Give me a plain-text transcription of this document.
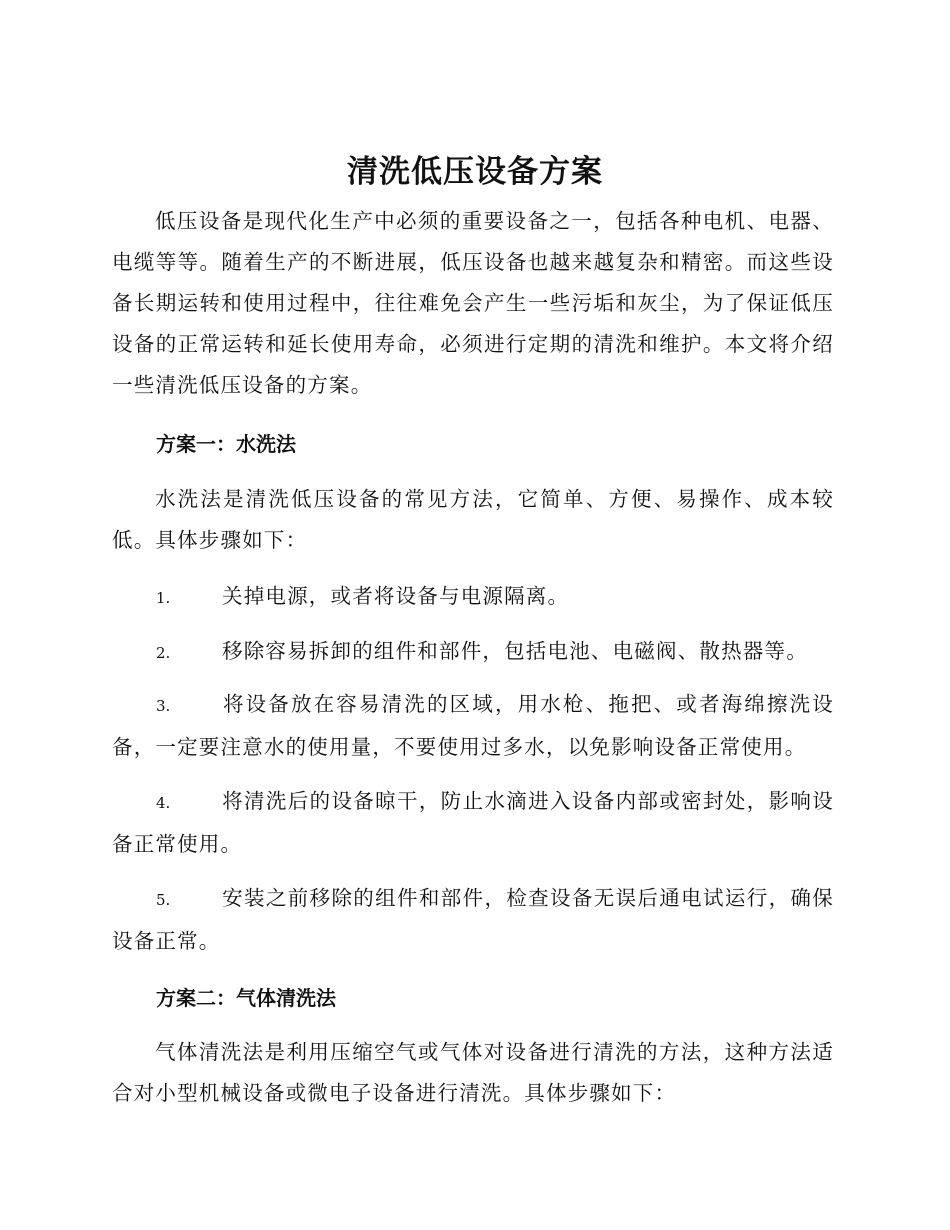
清洗低压设备方案

低压设备是现代化生产中必须的重要设备之一，包括各种电机、电器、电缆等等。随着生产的不断进展，低压设备也越来越复杂和精密。而这些设备长期运转和使用过程中，往往难免会产生一些污垢和灰尘，为了保证低压设备的正常运转和延长使用寿命，必须进行定期的清洗和维护。本文将介绍一些清洗低压设备的方案。

方案一：水洗法

水洗法是清洗低压设备的常见方法，它简单、方便、易操作、成本较低。具体步骤如下：

1.	关掉电源，或者将设备与电源隔离。

2.	移除容易拆卸的组件和部件，包括电池、电磁阀、散热器等。

3.	将设备放在容易清洗的区域，用水枪、拖把、或者海绵擦洗设备，一定要注意水的使用量，不要使用过多水，以免影响设备正常使用。

4.	将清洗后的设备晾干，防止水滴进入设备内部或密封处，影响设备正常使用。

5.	安装之前移除的组件和部件，检查设备无误后通电试运行，确保设备正常。

方案二：气体清洗法

气体清洗法是利用压缩空气或气体对设备进行清洗的方法，这种方法适合对小型机械设备或微电子设备进行清洗。具体步骤如下：
